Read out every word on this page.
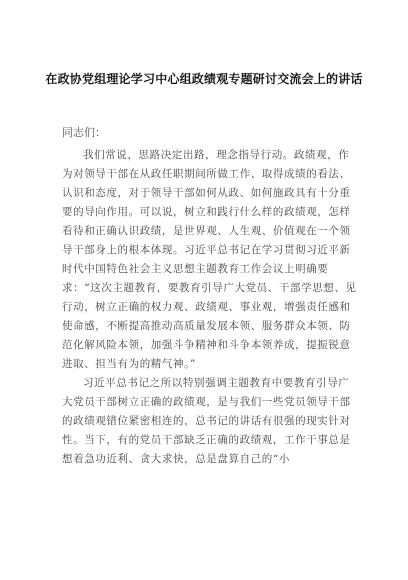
在政协党组理论学习中心组政绩观专题研讨交流会上的讲话
同志们：

我们常说，思路决定出路，理念指导行动。政绩观，作为对领导干部在从政任职期间所做工作、取得成绩的看法、认识和态度，对于领导干部如何从政、如何施政具有十分重要的导向作用。可以说，树立和践行什么样的政绩观，怎样看待和正确认识政绩，是世界观、人生观、价值观在一个领导干部身上的根本体现。习近平总书记在学习贯彻习近平新时代中国特色社会主义思想主题教育工作会议上明确要求：“这次主题教育，要教育引导广大党员、干部学思想、见行动，树立正确的权力观、政绩观、事业观，增强责任感和使命感，不断提高推动高质量发展本领、服务群众本领、防范化解风险本领，加强斗争精神和斗争本领养成，提振锐意进取、担当有为的精气神。”

习近平总书记之所以特别强调主题教育中要教育引导广大党员干部树立正确的政绩观，是与我们一些党员领导干部的政绩观错位紧密相连的，总书记的讲话有很强的现实针对性。当下，有的党员干部缺乏正确的政绩观，工作干事总是想着急功近利、贪大求快，总是盘算自己的“小
